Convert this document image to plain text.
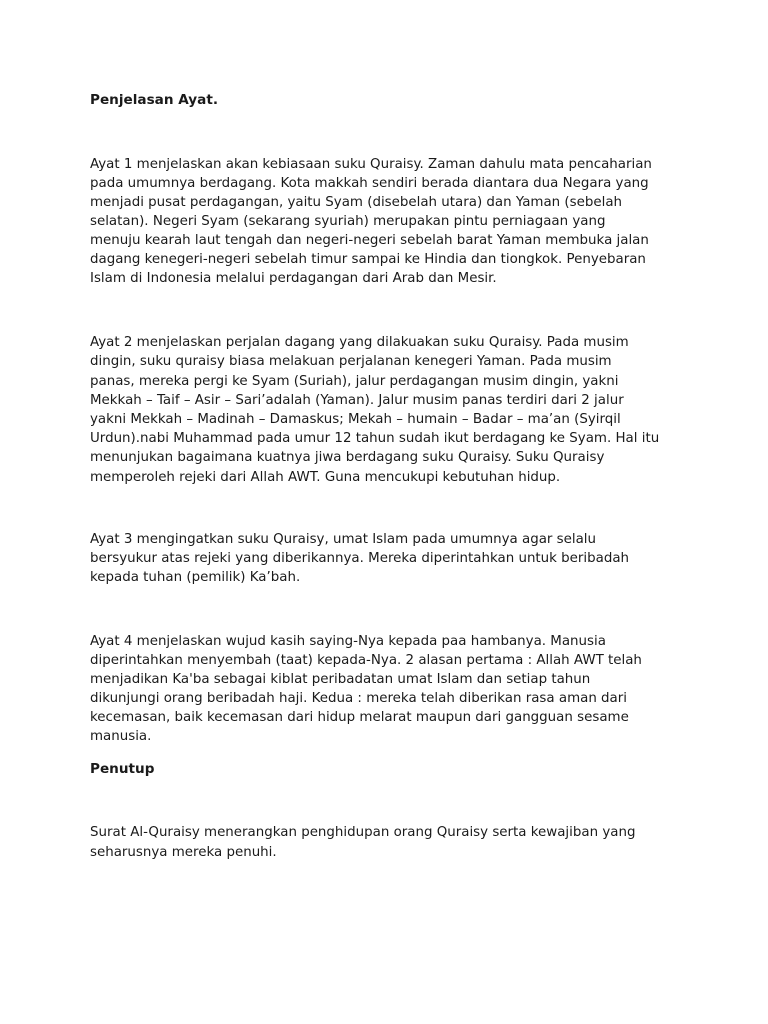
Penjelasan Ayat.
Ayat 1 menjelaskan akan kebiasaan suku Quraisy. Zaman dahulu mata pencaharian
pada umumnya berdagang. Kota makkah sendiri berada diantara dua Negara yang
menjadi pusat perdagangan, yaitu Syam (disebelah utara) dan Yaman (sebelah
selatan). Negeri Syam (sekarang syuriah) merupakan pintu perniagaan yang
menuju kearah laut tengah dan negeri-negeri sebelah barat Yaman membuka jalan
dagang kenegeri-negeri sebelah timur sampai ke Hindia dan tiongkok. Penyebaran
Islam di Indonesia melalui perdagangan dari Arab dan Mesir.
Ayat 2 menjelaskan perjalan dagang yang dilakuakan suku Quraisy. Pada musim
dingin, suku quraisy biasa melakuan perjalanan kenegeri Yaman. Pada musim
panas, mereka pergi ke Syam (Suriah), jalur perdagangan musim dingin, yakni
Mekkah – Taif – Asir – Sari’adalah (Yaman). Jalur musim panas terdiri dari 2 jalur
yakni Mekkah – Madinah – Damaskus; Mekah – humain – Badar – ma’an (Syirqil
Urdun).nabi Muhammad pada umur 12 tahun sudah ikut berdagang ke Syam. Hal itu
menunjukan bagaimana kuatnya jiwa berdagang suku Quraisy. Suku Quraisy
memperoleh rejeki dari Allah AWT. Guna mencukupi kebutuhan hidup.
Ayat 3 mengingatkan suku Quraisy, umat Islam pada umumnya agar selalu
bersyukur atas rejeki yang diberikannya. Mereka diperintahkan untuk beribadah
kepada tuhan (pemilik) Ka’bah.
Ayat 4 menjelaskan wujud kasih saying-Nya kepada paa hambanya. Manusia
diperintahkan menyembah (taat) kepada-Nya. 2 alasan pertama : Allah AWT telah
menjadikan Ka'ba sebagai kiblat peribadatan umat Islam dan setiap tahun
dikunjungi orang beribadah haji. Kedua : mereka telah diberikan rasa aman dari
kecemasan, baik kecemasan dari hidup melarat maupun dari gangguan sesame
manusia.
Penutup
Surat Al-Quraisy menerangkan penghidupan orang Quraisy serta kewajiban yang
seharusnya mereka penuhi.
